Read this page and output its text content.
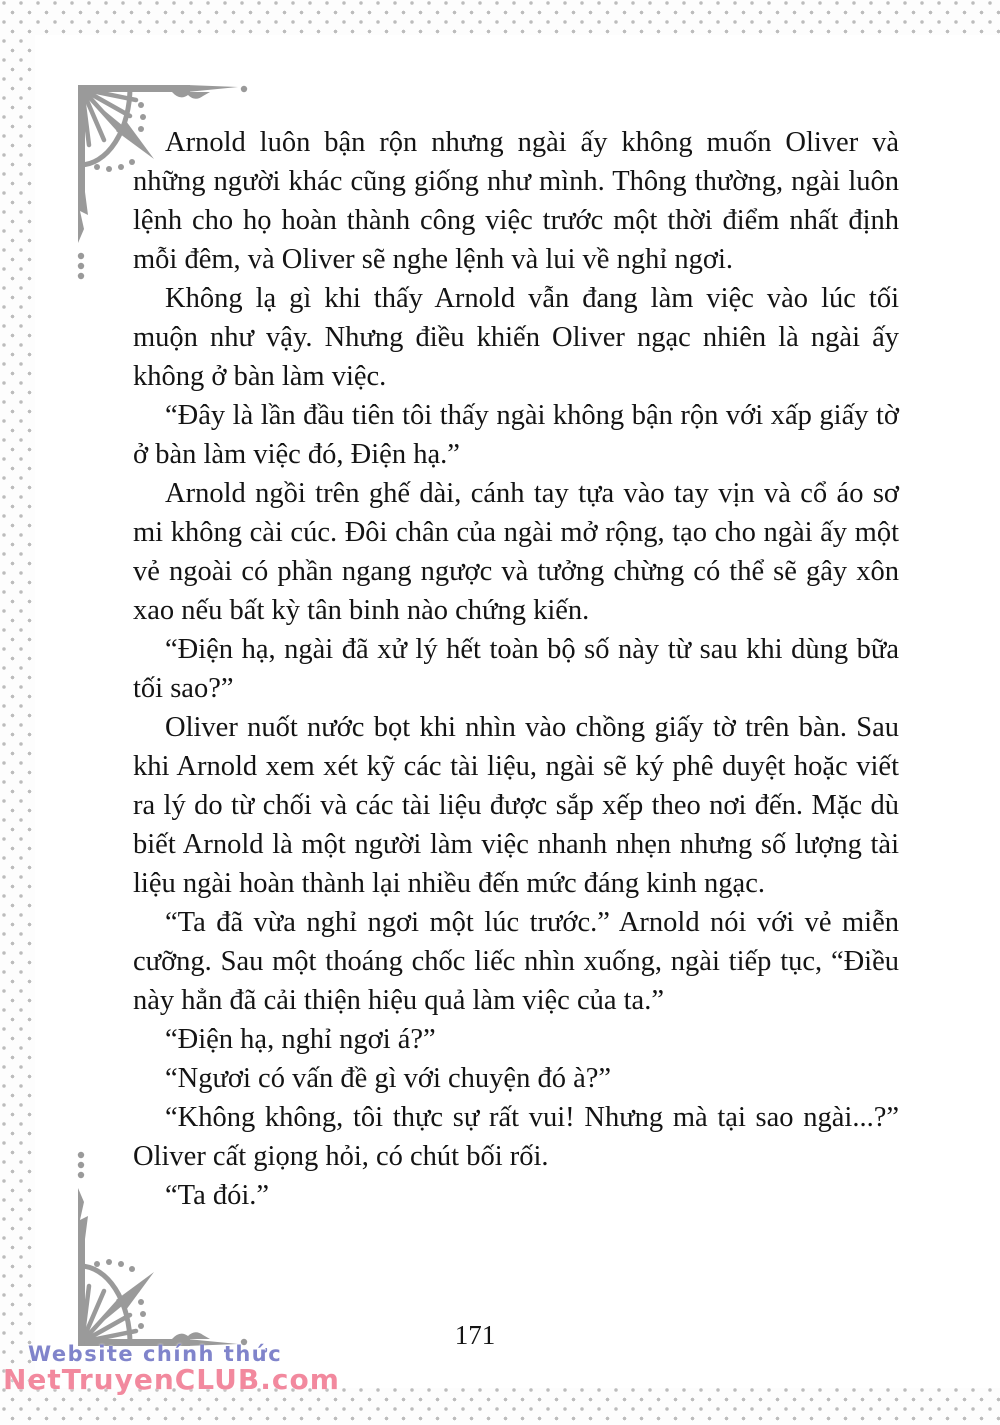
Arnold luôn bận rộn nhưng ngài ấy không muốn Oliver và những người khác cũng giống như mình. Thông thường, ngài luôn lệnh cho họ hoàn thành công việc trước một thời điểm nhất định mỗi đêm, và Oliver sẽ nghe lệnh và lui về nghỉ ngơi.

Không lạ gì khi thấy Arnold vẫn đang làm việc vào lúc tối muộn như vậy. Nhưng điều khiến Oliver ngạc nhiên là ngài ấy không ở bàn làm việc.

“Đây là lần đầu tiên tôi thấy ngài không bận rộn với xấp giấy tờ ở bàn làm việc đó, Điện hạ.”

Arnold ngồi trên ghế dài, cánh tay tựa vào tay vịn và cổ áo sơ mi không cài cúc. Đôi chân của ngài mở rộng, tạo cho ngài ấy một vẻ ngoài có phần ngang ngược và tưởng chừng có thể sẽ gây xôn xao nếu bất kỳ tân binh nào chứng kiến.

“Điện hạ, ngài đã xử lý hết toàn bộ số này từ sau khi dùng bữa tối sao?”

Oliver nuốt nước bọt khi nhìn vào chồng giấy tờ trên bàn. Sau khi Arnold xem xét kỹ các tài liệu, ngài sẽ ký phê duyệt hoặc viết ra lý do từ chối và các tài liệu được sắp xếp theo nơi đến. Mặc dù biết Arnold là một người làm việc nhanh nhẹn nhưng số lượng tài liệu ngài hoàn thành lại nhiều đến mức đáng kinh ngạc.

“Ta đã vừa nghỉ ngơi một lúc trước.” Arnold nói với vẻ miễn cưỡng. Sau một thoáng chốc liếc nhìn xuống, ngài tiếp tục, “Điều này hẳn đã cải thiện hiệu quả làm việc của ta.”

“Điện hạ, nghỉ ngơi á?”

“Ngươi có vấn đề gì với chuyện đó à?”

“Không không, tôi thực sự rất vui! Nhưng mà tại sao ngài...?” Oliver cất giọng hỏi, có chút bối rối.

“Ta đói.”

171
Website chính thức
NetTruyenCLUB.com
